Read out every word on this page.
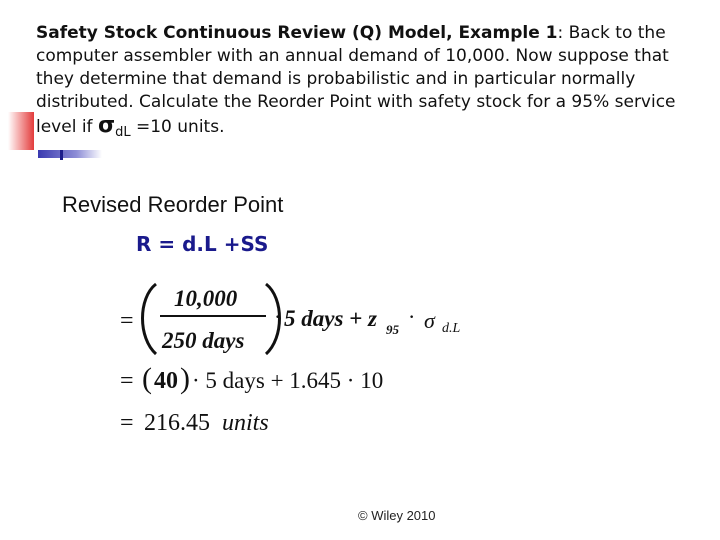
Safety Stock Continuous Review (Q) Model, Example 1: Back to the computer assembler with an annual demand of 10,000. Now suppose that they determine that demand is probabilistic and in particular normally distributed. Calculate the Reorder Point with safety stock for a 95% service level if $\sigma_{dL} =10$ units.
Revised Reorder Point
R = d.L +SS
=
10,000
250 days
· 5 days + z 95
· σ d.L
= ( 40 ) · 5 days + 1.645 · 10
= 216.45 units
© Wiley 2010
